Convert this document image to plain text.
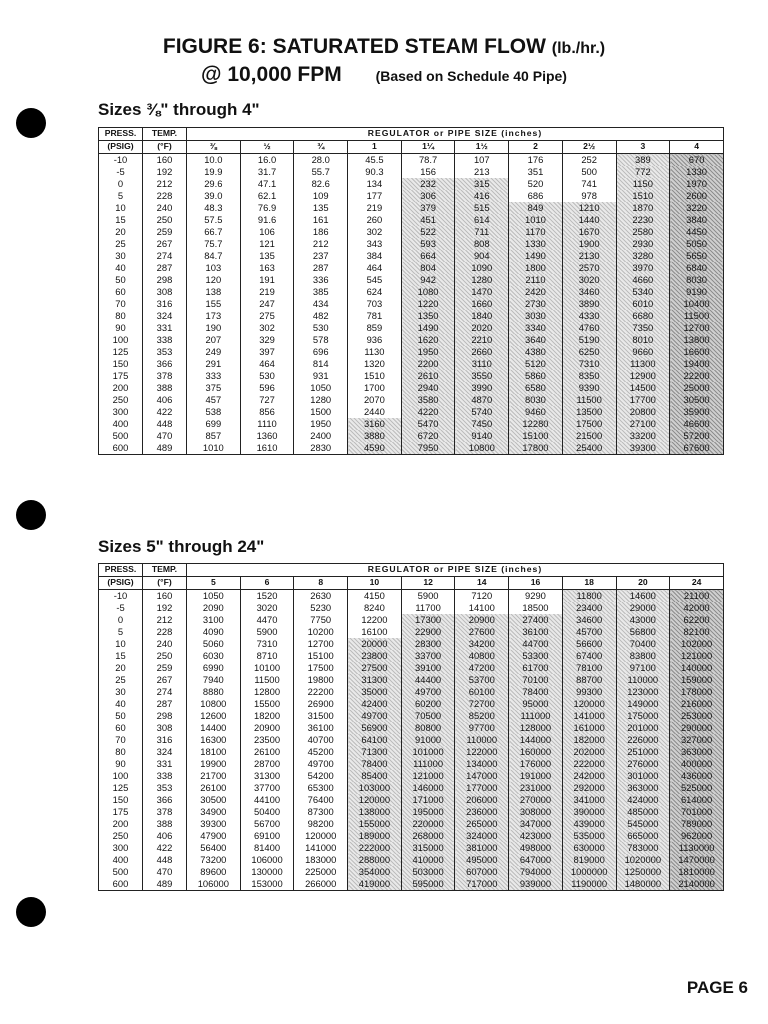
FIGURE 6: SATURATED STEAM FLOW (lb./hr.)
@ 10,000 FPM (Based on Schedule 40 Pipe)
Sizes ⅜" through 4"
PRESS.	TEMP.	REGULATOR or PIPE SIZE (inches)									
(PSIG)	(°F)	⅜	½	¾	1	1¼	1½	2	2½	3	4
-10	160	10.0	16.0	28.0	45.5	78.7	107	176	252	389	670
-5	192	19.9	31.7	55.7	90.3	156	213	351	500	772	1330
0	212	29.6	47.1	82.6	134	232	315	520	741	1150	1970
5	228	39.0	62.1	109	177	306	416	686	978	1510	2600
10	240	48.3	76.9	135	219	379	515	849	1210	1870	3220
15	250	57.5	91.6	161	260	451	614	1010	1440	2230	3840
20	259	66.7	106	186	302	522	711	1170	1670	2580	4450
25	267	75.7	121	212	343	593	808	1330	1900	2930	5050
30	274	84.7	135	237	384	664	904	1490	2130	3280	5650
40	287	103	163	287	464	804	1090	1800	2570	3970	6840
50	298	120	191	336	545	942	1280	2110	3020	4660	8030
60	308	138	219	385	624	1080	1470	2420	3460	5340	9190
70	316	155	247	434	703	1220	1660	2730	3890	6010	10400
80	324	173	275	482	781	1350	1840	3030	4330	6680	11500
90	331	190	302	530	859	1490	2020	3340	4760	7350	12700
100	338	207	329	578	936	1620	2210	3640	5190	8010	13800
125	353	249	397	696	1130	1950	2660	4380	6250	9660	16600
150	366	291	464	814	1320	2200	3110	5120	7310	11300	19400
175	378	333	530	931	1510	2610	3550	5860	8350	12900	22200
200	388	375	596	1050	1700	2940	3990	6580	9390	14500	25000
250	406	457	727	1280	2070	3580	4870	8030	11500	17700	30500
300	422	538	856	1500	2440	4220	5740	9460	13500	20800	35900
400	448	699	1110	1950	3160	5470	7450	12280	17500	27100	46600
500	470	857	1360	2400	3880	6720	9140	15100	21500	33200	57200
600	489	1010	1610	2830	4590	7950	10800	17800	25400	39300	67600
Sizes 5" through 24"
PRESS.	TEMP.	REGULATOR or PIPE SIZE (inches)									
(PSIG)	(°F)	5	6	8	10	12	14	16	18	20	24
-10	160	1050	1520	2630	4150	5900	7120	9290	11800	14600	21100
-5	192	2090	3020	5230	8240	11700	14100	18500	23400	29000	42000
0	212	3100	4470	7750	12200	17300	20900	27400	34600	43000	62200
5	228	4090	5900	10200	16100	22900	27600	36100	45700	56800	82100
10	240	5060	7310	12700	20000	28300	34200	44700	56600	70400	102000
15	250	6030	8710	15100	23800	33700	40800	53300	67400	83800	121000
20	259	6990	10100	17500	27500	39100	47200	61700	78100	97100	140000
25	267	7940	11500	19800	31300	44400	53700	70100	88700	110000	159000
30	274	8880	12800	22200	35000	49700	60100	78400	99300	123000	178000
40	287	10800	15500	26900	42400	60200	72700	95000	120000	149000	216000
50	298	12600	18200	31500	49700	70500	85200	111000	141000	175000	253000
60	308	14400	20900	36100	56900	80800	97700	128000	161000	201000	290000
70	316	16300	23500	40700	64100	91000	110000	144000	182000	226000	327000
80	324	18100	26100	45200	71300	101000	122000	160000	202000	251000	363000
90	331	19900	28700	49700	78400	111000	134000	176000	222000	276000	400000
100	338	21700	31300	54200	85400	121000	147000	191000	242000	301000	436000
125	353	26100	37700	65300	103000	146000	177000	231000	292000	363000	525000
150	366	30500	44100	76400	120000	171000	206000	270000	341000	424000	614000
175	378	34900	50400	87300	138000	195000	236000	308000	390000	485000	701000
200	388	39300	56700	98200	155000	220000	265000	347000	439000	545000	789000
250	406	47900	69100	120000	189000	268000	324000	423000	535000	665000	962000
300	422	56400	81400	141000	222000	315000	381000	498000	630000	783000	1130000
400	448	73200	106000	183000	288000	410000	495000	647000	819000	1020000	1470000
500	470	89600	130000	225000	354000	503000	607000	794000	1000000	1250000	1810000
600	489	106000	153000	266000	419000	595000	717000	939000	1190000	1480000	2140000
PAGE 6
